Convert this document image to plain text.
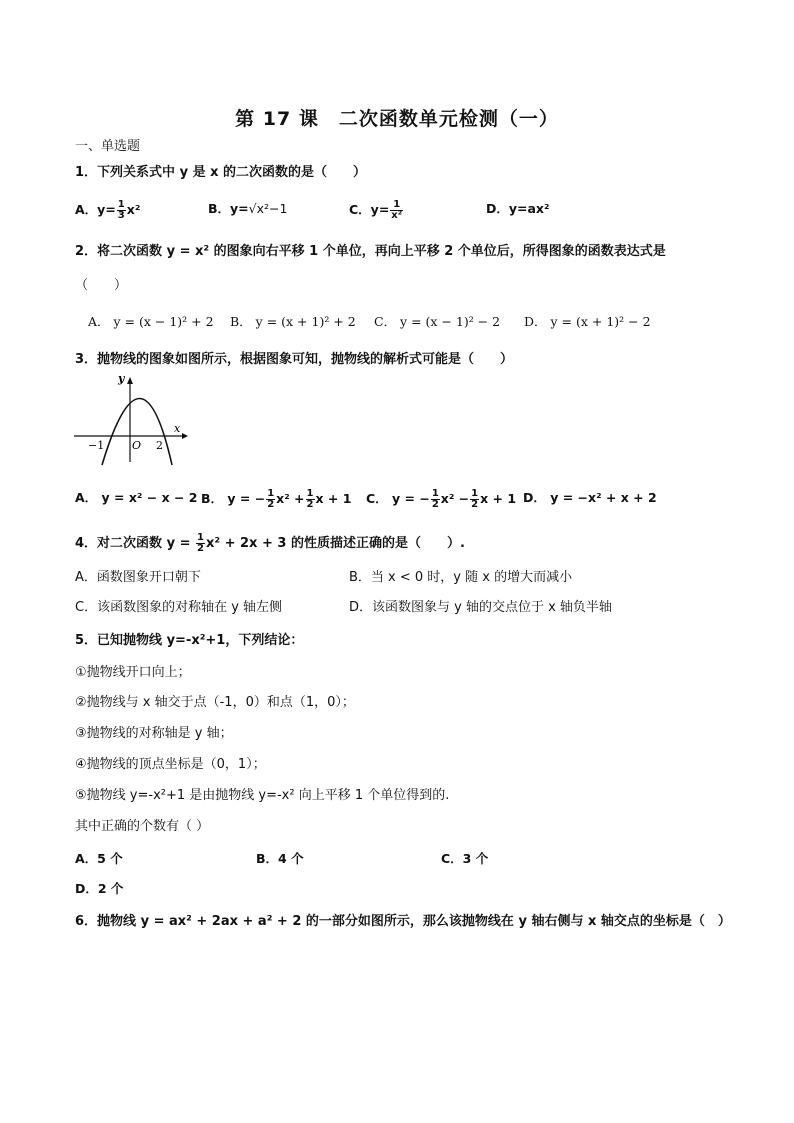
第 17 课　二次函数单元检测（一）
一、单选题
1．下列关系式中 y 是 x 的二次函数的是（　　）
A．$y= \frac{1}{3} x^2$	B．y=√x²−1	C．$y= \frac{1}{\text{x²}}$	D．y=ax²
2．将二次函数 y = x² 的图象向右平移 1 个单位，再向上平移 2 个单位后，所得图象的函数表达式是
（　　）
A． y = (x − 1)² + 2 B． y = (x + 1)² + 2 C． y = (x − 1)² − 2 D． y = (x + 1)² − 2
3．抛物线的图象如图所示，根据图象可知，抛物线的解析式可能是（　　）
y
x
O
−1	2
A． y = x² − x − 2 B． y = − $\frac{1}{2} x^2 + \frac{1}{2}$ x + 1 C． y = − $\frac{1}{2} x^2 - \frac{1}{2}$ x + 1 D． y = −x² + x + 2
4．对二次函数 $y = \frac{1}{2} x^2 + 2x + 3$ 的性质描述正确的是（　　）.
A．函数图象开口朝下	B．当 x < 0 时，y 随 x 的增大而减小
C．该函数图象的对称轴在 y 轴左侧	D．该函数图象与 y 轴的交点位于 x 轴负半轴
5．已知抛物线 y=-x²+1，下列结论：
①抛物线开口向上；
②抛物线与 x 轴交于点（-1，0）和点（1，0）；
③抛物线的对称轴是 y 轴；
④抛物线的顶点坐标是（0，1）；
⑤抛物线 y=-x²+1 是由抛物线 y=-x² 向上平移 1 个单位得到的.
其中正确的个数有（ ）
A．5 个	B．4 个	C．3 个
D．2 个
6．抛物线 y = ax² + 2ax + a² + 2 的一部分如图所示，那么该抛物线在 y 轴右侧与 x 轴交点的坐标是（　）
